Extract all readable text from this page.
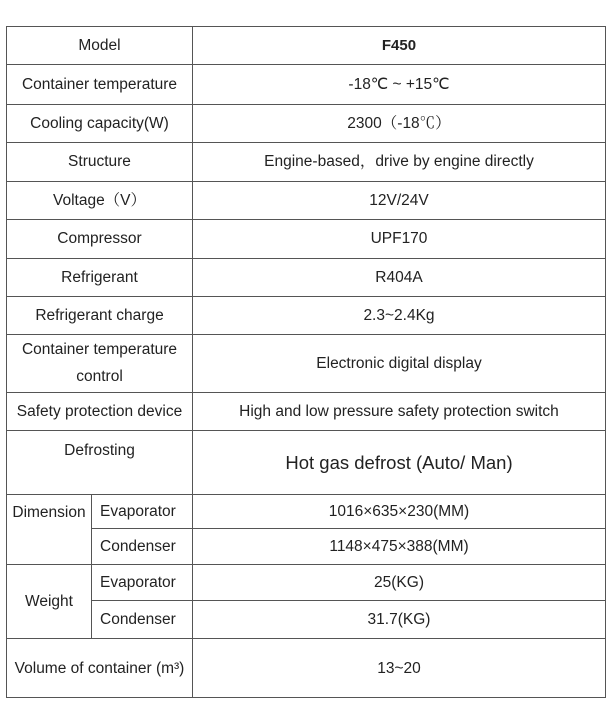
Model		F450
Container temperature		-18℃ ~ +15℃
Cooling capacity(W)		2300（-18℃）
Structure		Engine-based，drive by engine directly
Voltage（V）		12V/24V
Compressor		UPF170
Refrigerant		R404A
Refrigerant charge		2.3~2.4Kg
Container temperature control		Electronic digital display
Safety protection device		High and low pressure safety protection switch
Defrosting		Hot gas defrost (Auto/ Man)
Dimension	Evaporator	1016×635×230(MM)
	Condenser	1148×475×388(MM)
Weight	Evaporator	25(KG)
	Condenser	31.7(KG)
Volume of container (m³)		13~20
